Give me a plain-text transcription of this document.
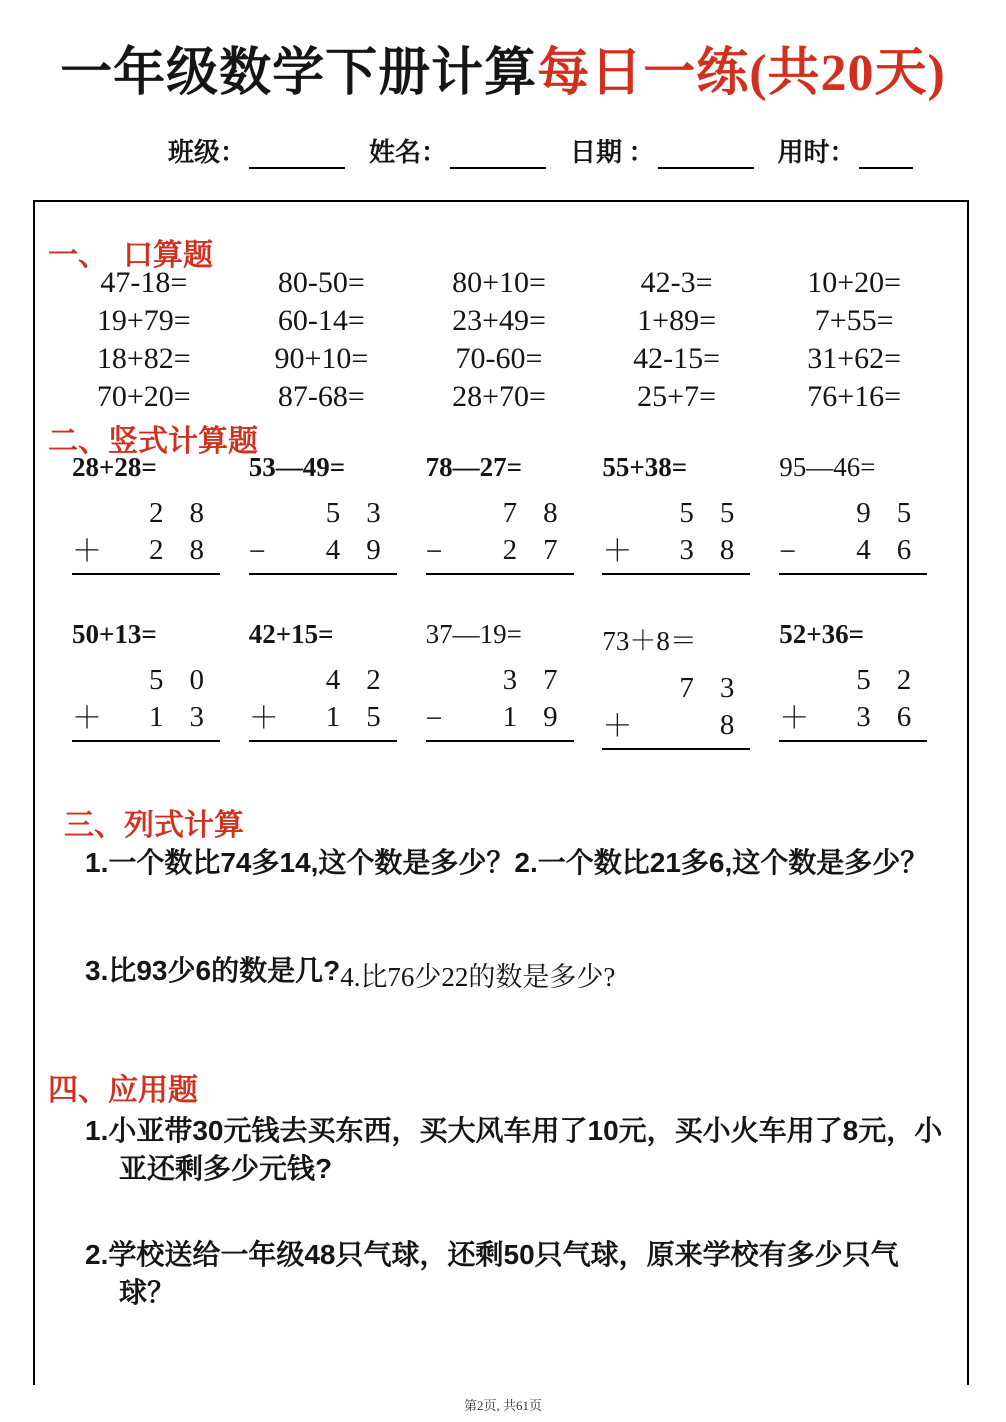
一年级数学下册计算每日一练(共20天)
班级：	姓名：	日期 ：	用时：
一、  口算题
47-18=	80-50=	80+10=	42-3=	10+20=
19+79=	60-14=	23+49=	1+89=	7+55=
18+82=	90+10=	70-60=	42-15=	31+62=
70+20=	87-68=	28+70=	25+7=	76+16=
二、竖式计算题
28+28=
2 8
＋ 2 8
53—49=
5 3
− 4 9
78—27=
7 8
− 2 7
55+38=
5 5
＋ 3 8
95—46=
9 5
− 4 6
50+13=
5 0
＋ 1 3
42+15=
4 2
＋ 1 5
37—19=
3 7
− 1 9
73＋8＝
7 3
＋	8
52+36=
5 2
＋ 3 6
三、列式计算
1.一个数比74多14,这个数是多少？ 2.一个数比21多6,这个数是多少？
3.比93少6的数是几? 4.比76少22的数是多少?
四、应用题
1.小亚带30元钱去买东西，买大风车用了10元，买小火车用了8元，小亚还剩多少元钱?
2.学校送给一年级48只气球，还剩50只气球，原来学校有多少只气球？
第2页, 共61页
